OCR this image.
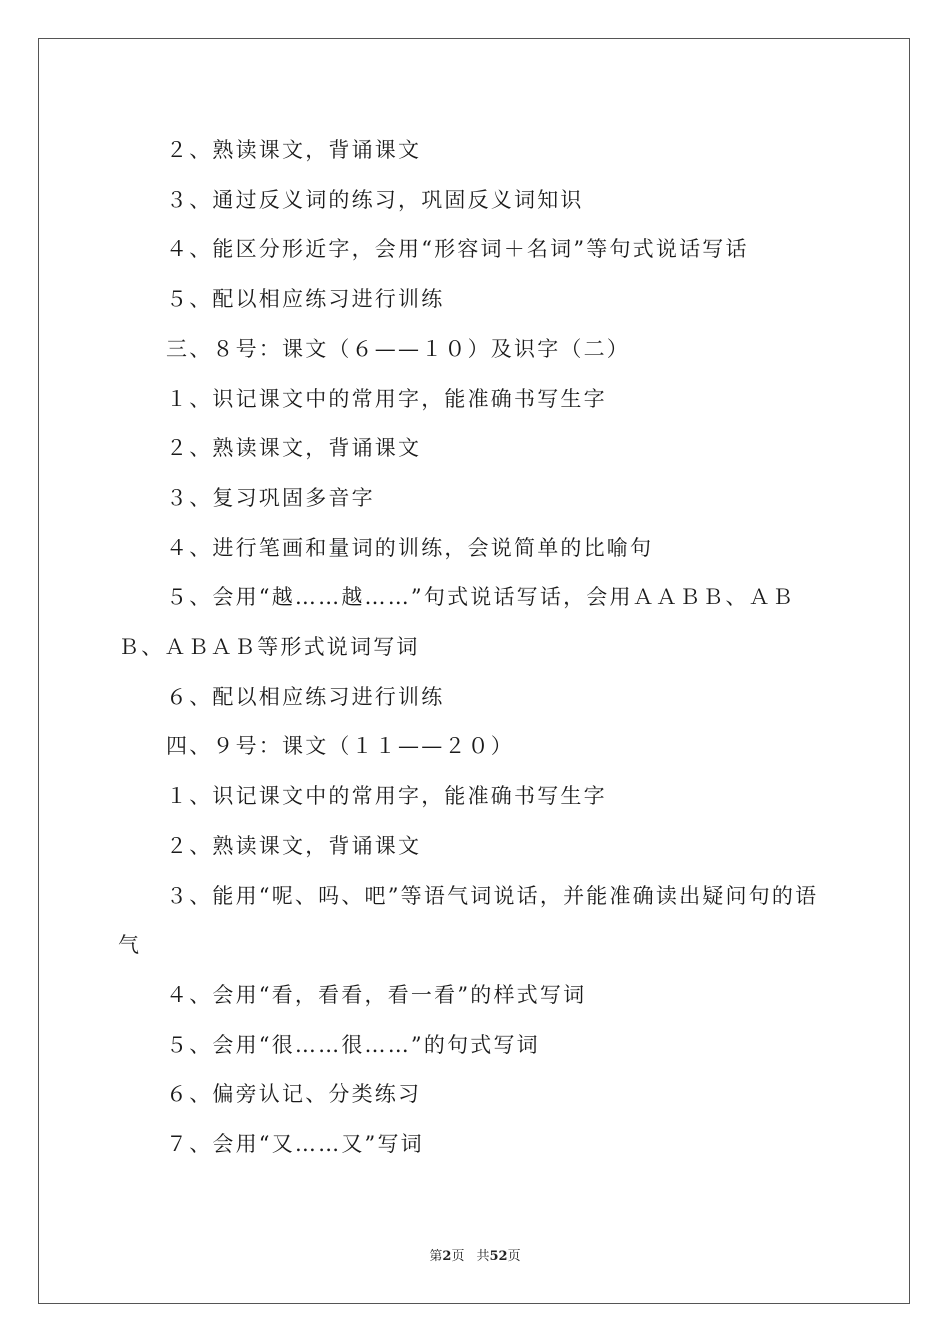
２、熟读课文，背诵课文

３、通过反义词的练习，巩固反义词知识

４、能区分形近字，会用“形容词＋名词”等句式说话写话

５、配以相应练习进行训练

三、８号：课文（６——１０）及识字（二）

１、识记课文中的常用字，能准确书写生字

２、熟读课文，背诵课文

３、复习巩固多音字

４、进行笔画和量词的训练，会说简单的比喻句

５、会用“越……越……”句式说话写话，会用ＡＡＢＢ、ＡＢＢ、ＡＢＡＢ等形式说词写词

６、配以相应练习进行训练

四、９号：课文（１１——２０）

１、识记课文中的常用字，能准确书写生字

２、熟读课文，背诵课文

３、能用“呢、吗、吧”等语气词说话，并能准确读出疑问句的语气

４、会用“看，看看，看一看”的样式写词

５、会用“很……很……”的句式写词

６、偏旁认记、分类练习

７、会用“又……又”写词

第2页 共52页
